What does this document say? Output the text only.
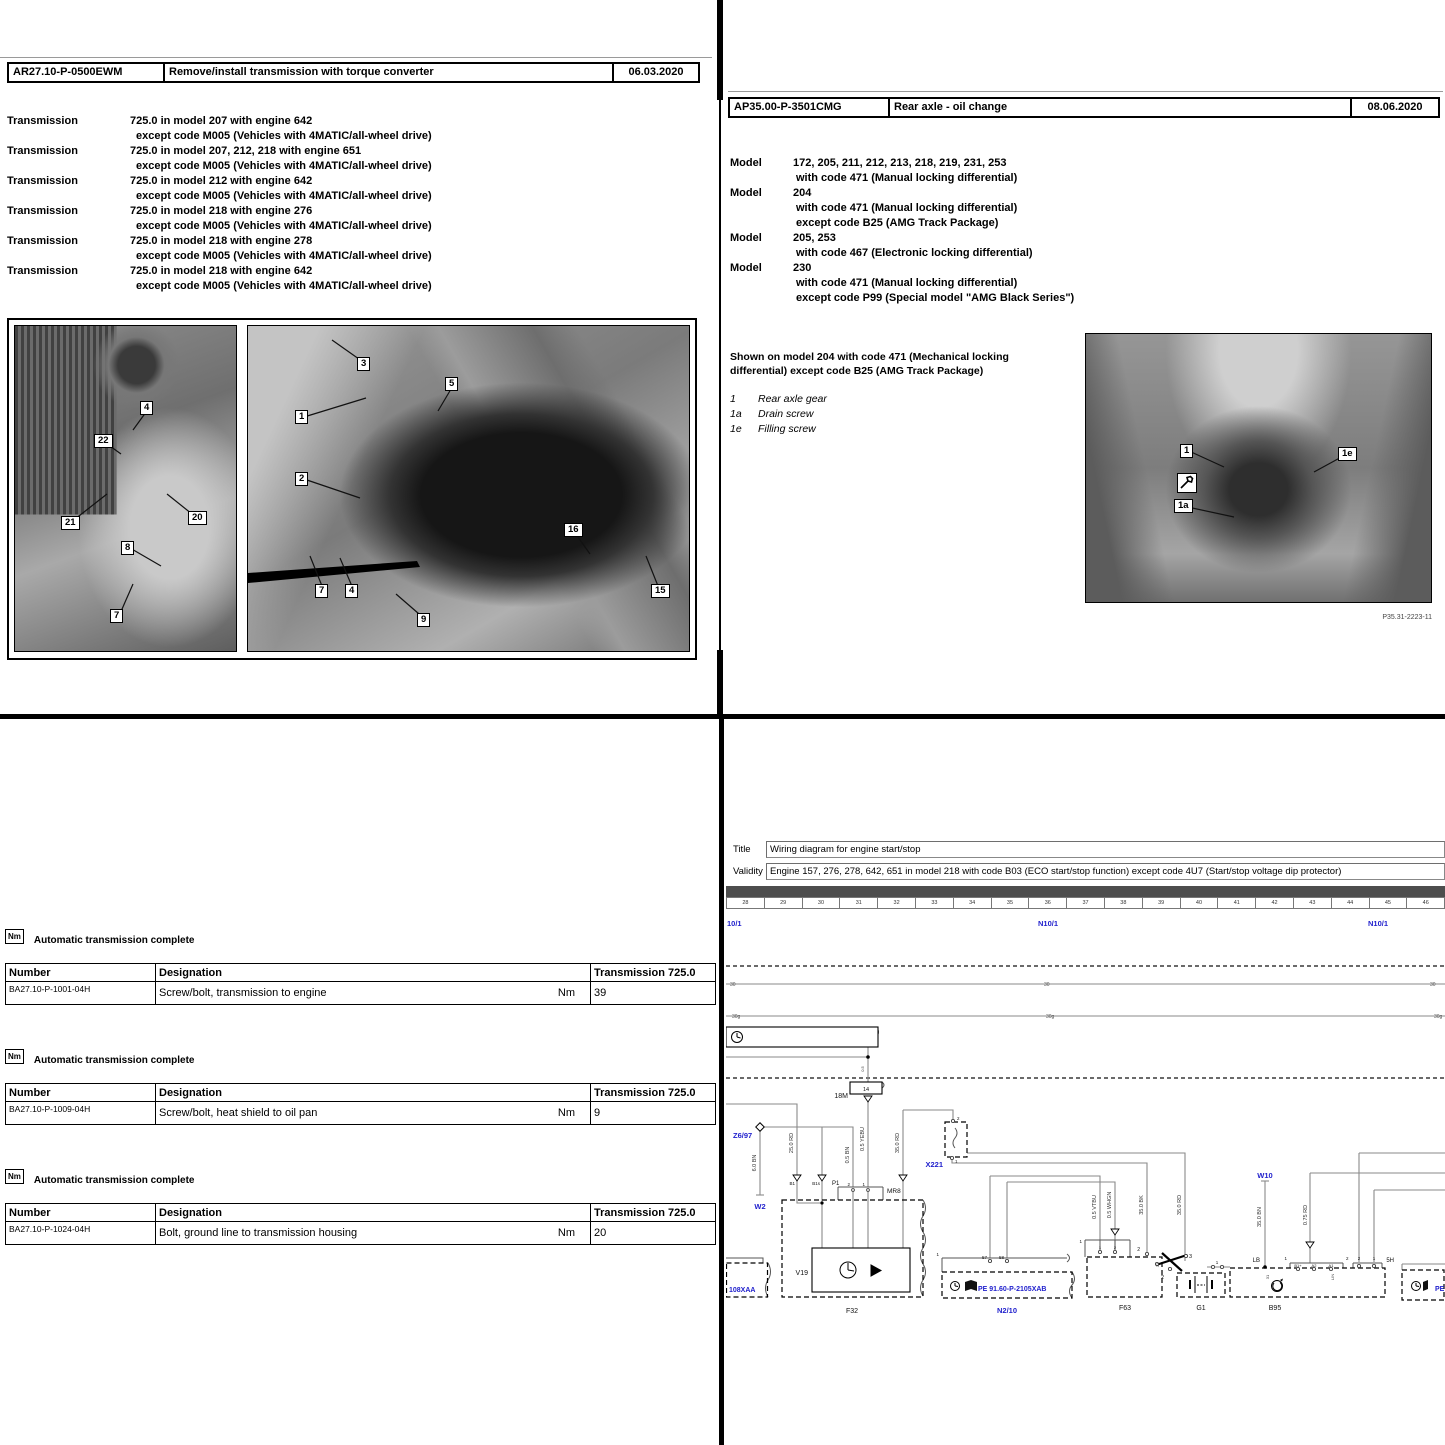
AR27.10-P-0500EWM	Remove/install transmission with torque converter	06.03.2020
Transmission	725.0 in model 207 with engine 642
except code M005 (Vehicles with 4MATIC/all-wheel drive)
Transmission	725.0 in model 207, 212, 218 with engine 651
except code M005 (Vehicles with 4MATIC/all-wheel drive)
Transmission	725.0 in model 212 with engine 642
except code M005 (Vehicles with 4MATIC/all-wheel drive)
Transmission	725.0 in model 218 with engine 276
except code M005 (Vehicles with 4MATIC/all-wheel drive)
Transmission	725.0 in model 218 with engine 278
except code M005 (Vehicles with 4MATIC/all-wheel drive)
Transmission	725.0 in model 218 with engine 642
except code M005 (Vehicles with 4MATIC/all-wheel drive)
4
22
21	20
8
7
3
5
1
2
16
7	4
9
15
AP35.00-P-3501CMG	Rear axle - oil change	08.06.2020
Model	172, 205, 211, 212, 213, 218, 219, 231, 253
with code 471 (Manual locking differential)
Model	204
with code 471 (Manual locking differential)
except code B25 (AMG Track Package)
Model	205, 253
with code 467 (Electronic locking differential)
Model	230
with code 471 (Manual locking differential)
except code P99 (Special model "AMG Black Series")
Shown on model 204 with code 471 (Mechanical locking
differential) except code B25 (AMG Track Package)
1	Rear axle gear
1a	Drain screw
1e	Filling screw
1	1e
1a
P35.31-2223-11
Nm	Automatic transmission complete
Number	Designation	Transmission 725.0
BA27.10-P-1001-04H	Screw/bolt, transmission to engine Nm	39
Nm	Automatic transmission complete
Number	Designation	Transmission 725.0
BA27.10-P-1009-04H	Screw/bolt, heat shield to oil pan Nm	9
Nm	Automatic transmission complete
Number	Designation	Transmission 725.0
BA27.10-P-1024-04H	Bolt, ground line to transmission housing Nm	20
Title
Wiring diagram for engine start/stop
Validity
Engine 157, 276, 278, 642, 651 in model 218 with code B03 (ECO start/stop function) except code 4U7 (Start/stop voltage dip protector)
28	29	30	31	32	33	34	35	36	37	38	39	40	41	42	43	44	45	46
10/1	N10/1	N10/1
Z6/97
W2
X221
W10
108XAA	PE 91.60-P-2105XAB
N2/10
PE
18M
14
P1
MR8
B1	B1s	2	1
V19
F32	F63	G1	B95
LB	5H
57	58
1
2
1
1
1	2	2
3
2
1
1	2
B1+ A2	A1
2	1
30	30	30
30g	30g	30g
6.0 BN
25.0 RD
0.5 BN
0.5 YEBU	35.0 RD
0.5
0.5 VTBU 0.5 WHGN	35.0 BK	35.0 RD
35.0 BN	0.75 RD
31
31	LIN
